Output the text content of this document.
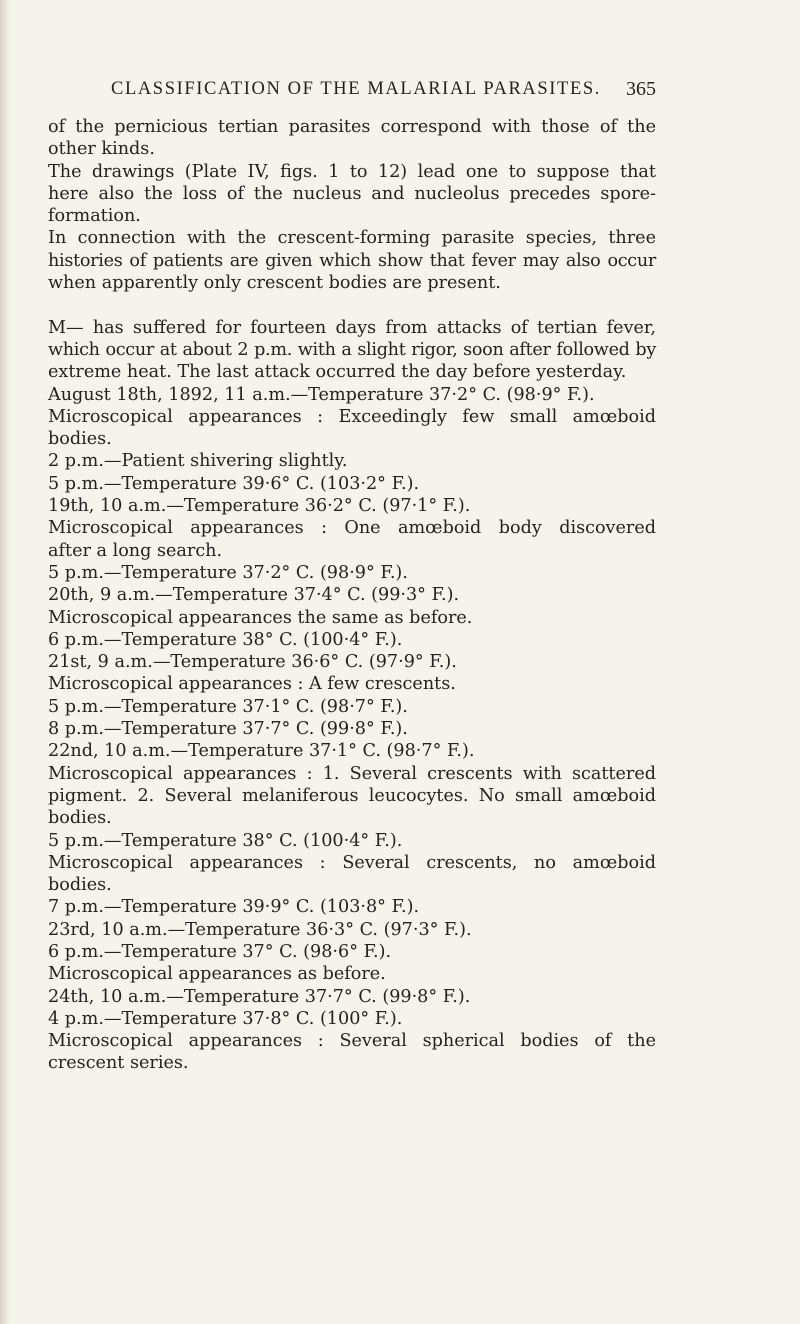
CLASSIFICATION OF THE MALARIAL PARASITES. 365
of the pernicious tertian parasites correspond with those of the
other kinds.
The drawings (Plate IV, figs. 1 to 12) lead one to suppose that
here also the loss of the nucleus and nucleolus precedes spore-
formation.
In connection with the crescent-forming parasite species, three
histories of patients are given which show that fever may also occur
when apparently only crescent bodies are present.
M— has suffered for fourteen days from attacks of tertian fever,
which occur at about 2 p.m. with a slight rigor, soon after followed by
extreme heat. The last attack occurred the day before yesterday.
August 18th, 1892, 11 a.m.—Temperature 37·2° C. (98·9° F.).
Microscopical appearances : Exceedingly few small amœboid
bodies.
2 p.m.—Patient shivering slightly.
5 p.m.—Temperature 39·6° C. (103·2° F.).
19th, 10 a.m.—Temperature 36·2° C. (97·1° F.).
Microscopical appearances : One amœboid body discovered
after a long search.
5 p.m.—Temperature 37·2° C. (98·9° F.).
20th, 9 a.m.—Temperature 37·4° C. (99·3° F.).
Microscopical appearances the same as before.
6 p.m.—Temperature 38° C. (100·4° F.).
21st, 9 a.m.—Temperature 36·6° C. (97·9° F.).
Microscopical appearances : A few crescents.
5 p.m.—Temperature 37·1° C. (98·7° F.).
8 p.m.—Temperature 37·7° C. (99·8° F.).
22nd, 10 a.m.—Temperature 37·1° C. (98·7° F.).
Microscopical appearances : 1. Several crescents with scattered
pigment. 2. Several melaniferous leucocytes. No small amœboid
bodies.
5 p.m.—Temperature 38° C. (100·4° F.).
Microscopical appearances : Several crescents, no amœboid
bodies.
7 p.m.—Temperature 39·9° C. (103·8° F.).
23rd, 10 a.m.—Temperature 36·3° C. (97·3° F.).
6 p.m.—Temperature 37° C. (98·6° F.).
Microscopical appearances as before.
24th, 10 a.m.—Temperature 37·7° C. (99·8° F.).
4 p.m.—Temperature 37·8° C. (100° F.).
Microscopical appearances : Several spherical bodies of the
crescent series.
